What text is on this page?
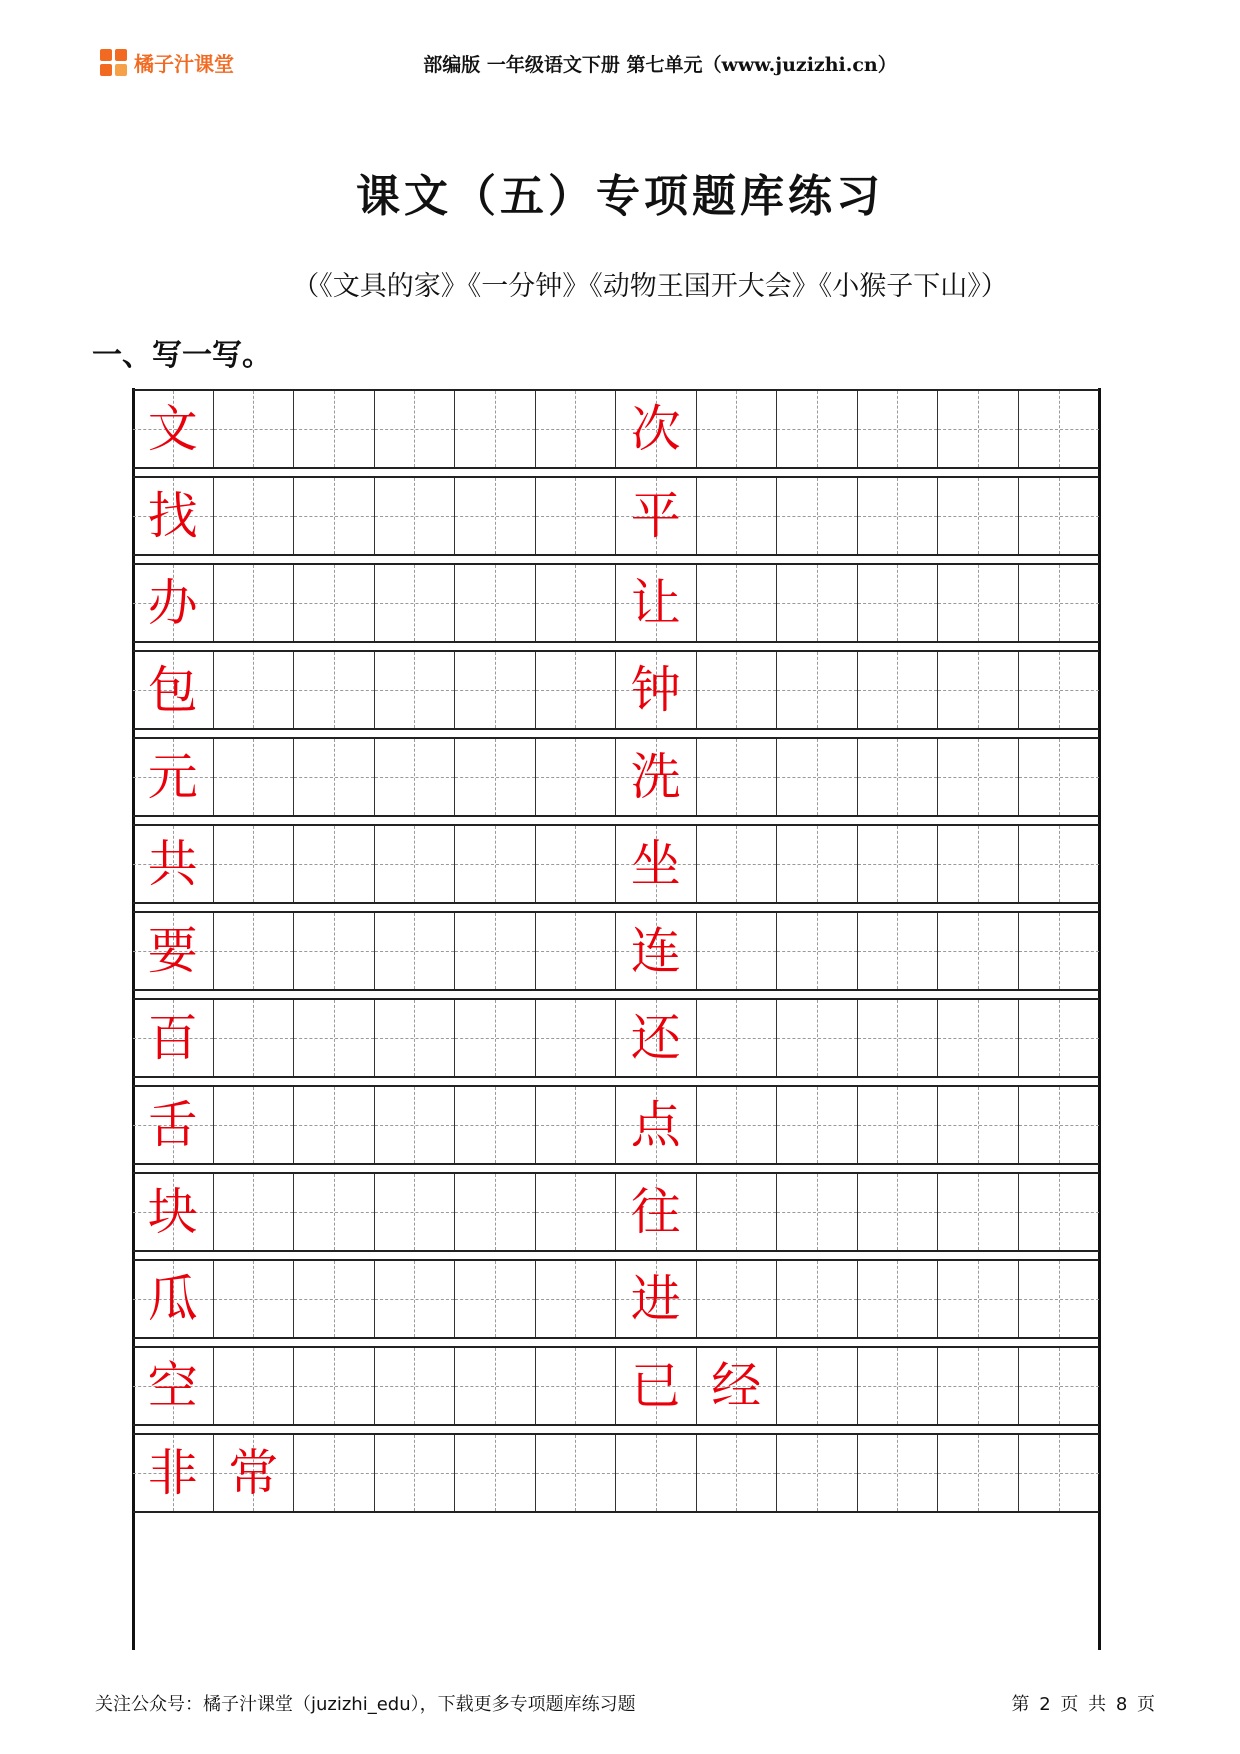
橘子汁课堂	部编版 一年级语文下册 第七单元（www.juzizhi.cn）
课文（五）专项题库练习
（《文具的家》《一分钟》《动物王国开大会》《小猴子下山》）
一、写一写。
文	次
找	平
办	让
包	钟
元	洗
共	坐
要	连
百	还
舌	点
块	往
瓜	进
空	已 经
非 常
关注公众号：橘子汁课堂（juzizhi_edu），下载更多专项题库练习题	第 2 页 共 8 页
